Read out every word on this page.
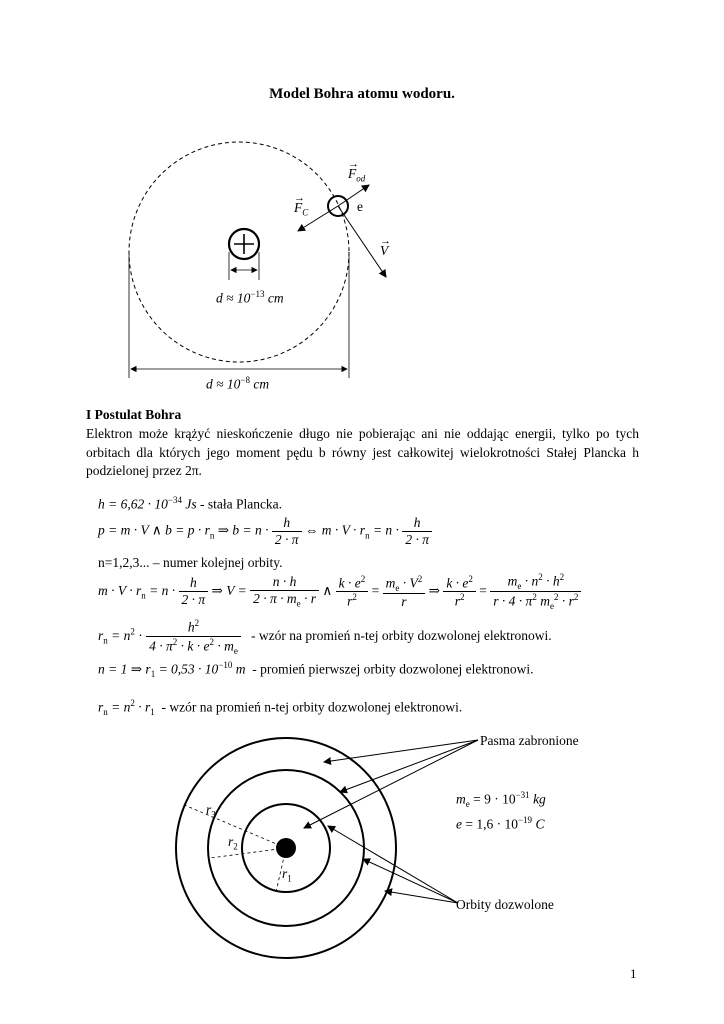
Model Bohra atomu wodoru.
→
$F_{od}$
→
$F_C$	e
→
V
$d \approx 10^{-13}$ cm
$d \approx 10^{-8}$ cm
I Postulat Bohra
Elektron może krążyć nieskończenie długo nie pobierając ani nie oddając energii, tylko po tych orbitach dla których jego moment pędu b równy jest całkowitej wielokrotności Stałej Plancka h podzielonej przez 2π.
$h = 6,62 \cdot 10^{-34}$ Js - stała Plancka.
p = m · V ∧ $b = p \cdot r_n$ ⇒ $b = n \cdot \frac{h}{2 \cdot \pi}$ ⇔ $m \cdot V \cdot r_n = n \cdot \frac{h}{2 \cdot \pi}$
n=1,2,3... – numer kolejnej orbity.
$m \cdot V \cdot r_n = n \cdot \frac{h}{2 \cdot \pi}$ ⇒ $V = \frac{n \cdot h}{2 \cdot \pi \cdot m_e \cdot r}$ ∧ $\frac{k \cdot e^2}{r^2} = \frac{m_e \cdot V^2}{r}$ ⇒ $\frac{k \cdot e^2}{r^2} = \frac{m_e \cdot n^2 \cdot h^2}{r \cdot 4 \cdot \pi^2 m_e^2 \cdot r^2}$
$r_n = n^2 \cdot \frac{h^2}{4 \cdot \pi^2 \cdot k \cdot e^2 \cdot m_e}$ - wzór na promień n-tej orbity dozwolonej elektronowi.
n = 1 ⇒ $r_1 = 0,53 \cdot 10^{-10}$ m - promień pierwszej orbity dozwolonej elektronowi.
$r_n = n^2 \cdot r_1$ - wzór na promień n-tej orbity dozwolonej elektronowi.
Pasma zabronione
Orbity dozwolone
$m_e = 9 \cdot 10^{-31}$ kg
$e = 1,6 \cdot 10^{-19}$ C
$r_3$
$r_2$
$r_1$
1
